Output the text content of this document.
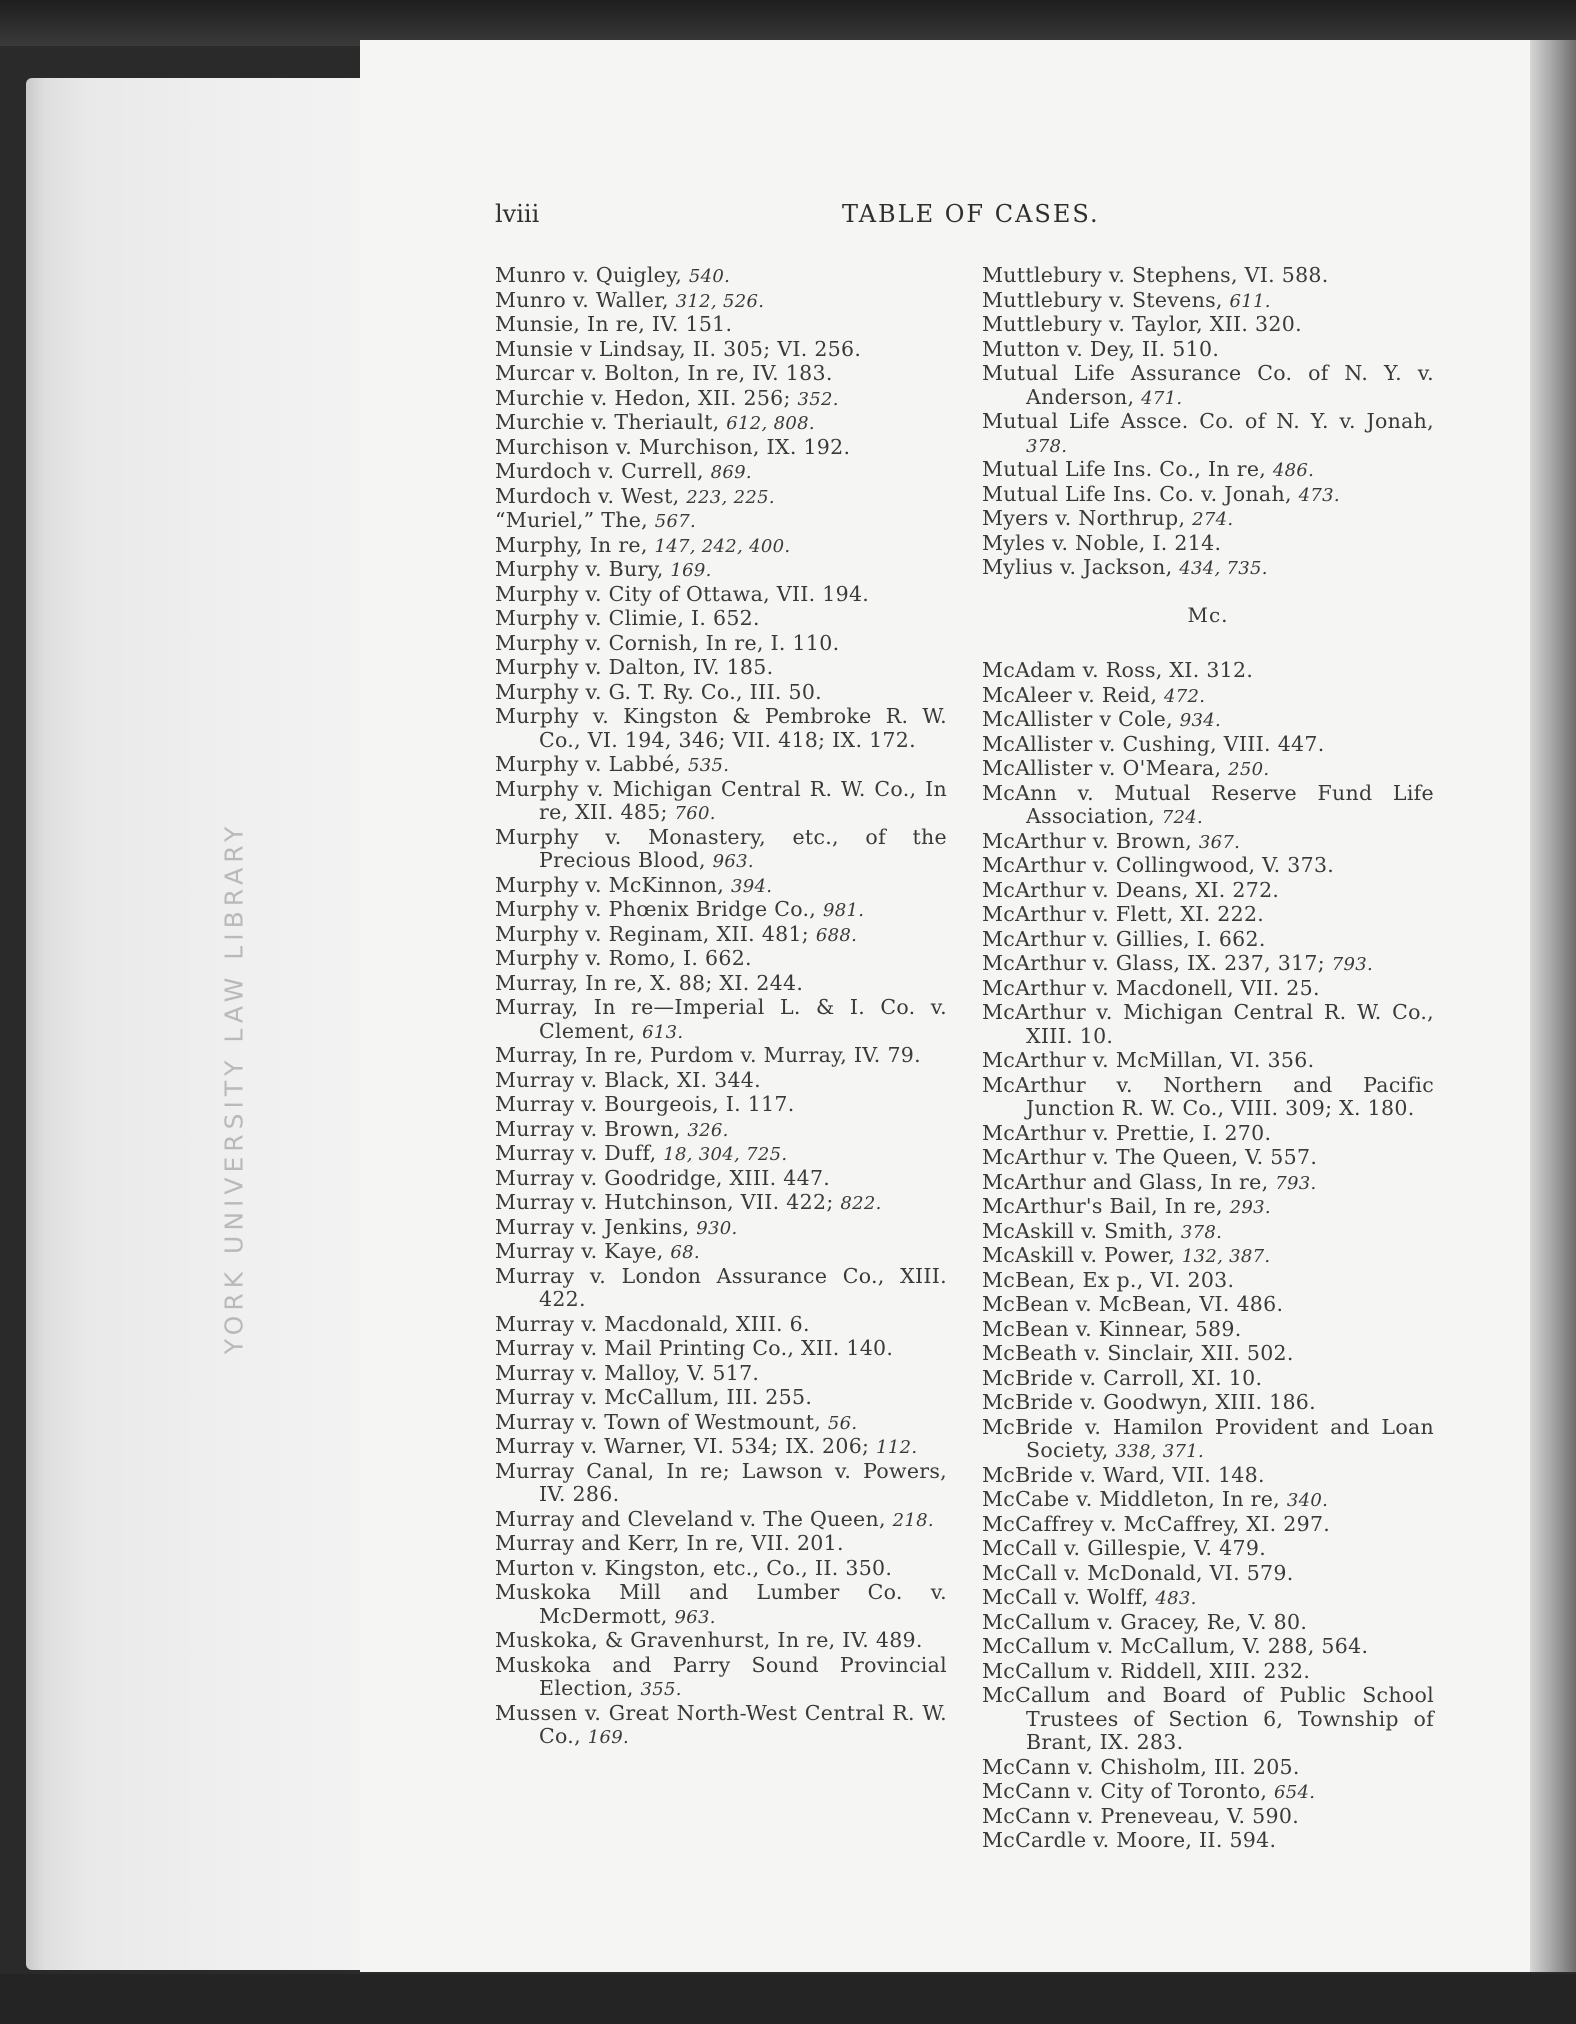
YORK UNIVERSITY LAW LIBRARY
lviii	TABLE OF CASES.

Munro v. Quigley, 540.

Munro v. Waller, 312, 526.

Munsie, In re, IV. 151.

Munsie v Lindsay, II. 305; VI. 256.

Murcar v. Bolton, In re, IV. 183.

Murchie v. Hedon, XII. 256; 352.

Murchie v. Theriault, 612, 808.

Murchison v. Murchison, IX. 192.

Murdoch v. Currell, 869.

Murdoch v. West, 223, 225.

“Muriel,” The, 567.

Murphy, In re, 147, 242, 400.

Murphy v. Bury, 169.

Murphy v. City of Ottawa, VII. 194.

Murphy v. Climie, I. 652.

Murphy v. Cornish, In re, I. 110.

Murphy v. Dalton, IV. 185.

Murphy v. G. T. Ry. Co., III. 50.

Murphy v. Kingston & Pembroke R. W. Co., VI. 194, 346; VII. 418; IX. 172.

Murphy v. Labbé, 535.

Murphy v. Michigan Central R. W. Co., In re, XII. 485; 760.

Murphy v. Monastery, etc., of the Precious Blood, 963.

Murphy v. McKinnon, 394.

Murphy v. Phœnix Bridge Co., 981.

Murphy v. Reginam, XII. 481; 688.

Murphy v. Romo, I. 662.

Murray, In re, X. 88; XI. 244.

Murray, In re—Imperial L. & I. Co. v. Clement, 613.

Murray, In re, Purdom v. Murray, IV. 79.

Murray v. Black, XI. 344.

Murray v. Bourgeois, I. 117.

Murray v. Brown, 326.

Murray v. Duff, 18, 304, 725.

Murray v. Goodridge, XIII. 447.

Murray v. Hutchinson, VII. 422; 822.

Murray v. Jenkins, 930.

Murray v. Kaye, 68.

Murray v. London Assurance Co., XIII. 422.

Murray v. Macdonald, XIII. 6.

Murray v. Mail Printing Co., XII. 140.

Murray v. Malloy, V. 517.

Murray v. McCallum, III. 255.

Murray v. Town of Westmount, 56.

Murray v. Warner, VI. 534; IX. 206; 112.

Murray Canal, In re; Lawson v. Powers, IV. 286.

Murray and Cleveland v. The Queen, 218.

Murray and Kerr, In re, VII. 201.

Murton v. Kingston, etc., Co., II. 350.

Muskoka Mill and Lumber Co. v. McDermott, 963.

Muskoka, & Gravenhurst, In re, IV. 489.

Muskoka and Parry Sound Provincial Election, 355.

Mussen v. Great North-West Central R. W. Co., 169.

Muttlebury v. Stephens, VI. 588.

Muttlebury v. Stevens, 611.

Muttlebury v. Taylor, XII. 320.

Mutton v. Dey, II. 510.

Mutual Life Assurance Co. of N. Y. v. Anderson, 471.

Mutual Life Assce. Co. of N. Y. v. Jonah, 378.

Mutual Life Ins. Co., In re, 486.

Mutual Life Ins. Co. v. Jonah, 473.

Myers v. Northrup, 274.

Myles v. Noble, I. 214.

Mylius v. Jackson, 434, 735.

Mc.

McAdam v. Ross, XI. 312.

McAleer v. Reid, 472.

McAllister v Cole, 934.

McAllister v. Cushing, VIII. 447.

McAllister v. O'Meara, 250.

McAnn v. Mutual Reserve Fund Life Association, 724.

McArthur v. Brown, 367.

McArthur v. Collingwood, V. 373.

McArthur v. Deans, XI. 272.

McArthur v. Flett, XI. 222.

McArthur v. Gillies, I. 662.

McArthur v. Glass, IX. 237, 317; 793.

McArthur v. Macdonell, VII. 25.

McArthur v. Michigan Central R. W. Co., XIII. 10.

McArthur v. McMillan, VI. 356.

McArthur v. Northern and Pacific Junction R. W. Co., VIII. 309; X. 180.

McArthur v. Prettie, I. 270.

McArthur v. The Queen, V. 557.

McArthur and Glass, In re, 793.

McArthur's Bail, In re, 293.

McAskill v. Smith, 378.

McAskill v. Power, 132, 387.

McBean, Ex p., VI. 203.

McBean v. McBean, VI. 486.

McBean v. Kinnear, 589.

McBeath v. Sinclair, XII. 502.

McBride v. Carroll, XI. 10.

McBride v. Goodwyn, XIII. 186.

McBride v. Hamilon Provident and Loan Society, 338, 371.

McBride v. Ward, VII. 148.

McCabe v. Middleton, In re, 340.

McCaffrey v. McCaffrey, XI. 297.

McCall v. Gillespie, V. 479.

McCall v. McDonald, VI. 579.

McCall v. Wolff, 483.

McCallum v. Gracey, Re, V. 80.

McCallum v. McCallum, V. 288, 564.

McCallum v. Riddell, XIII. 232.

McCallum and Board of Public School Trustees of Section 6, Township of Brant, IX. 283.

McCann v. Chisholm, III. 205.

McCann v. City of Toronto, 654.

McCann v. Preneveau, V. 590.

McCardle v. Moore, II. 594.
